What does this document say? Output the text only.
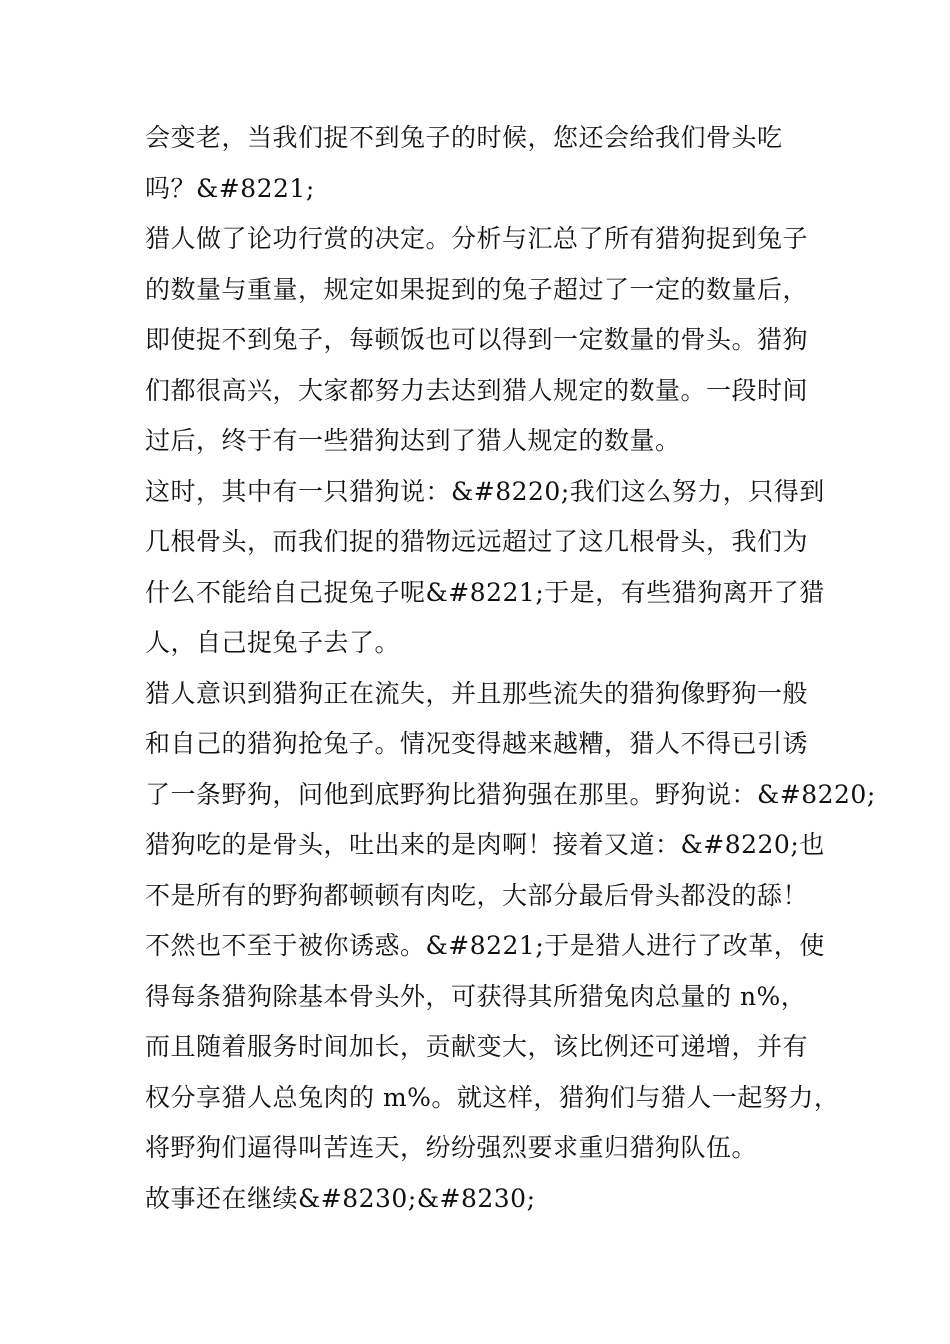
会变老，当我们捉不到兔子的时候，您还会给我们骨头吃
吗？&#8221;
猎人做了论功行赏的决定。分析与汇总了所有猎狗捉到兔子
的数量与重量，规定如果捉到的兔子超过了一定的数量后，
即使捉不到兔子，每顿饭也可以得到一定数量的骨头。猎狗
们都很高兴，大家都努力去达到猎人规定的数量。一段时间
过后，终于有一些猎狗达到了猎人规定的数量。
这时，其中有一只猎狗说：&#8220;我们这么努力，只得到
几根骨头，而我们捉的猎物远远超过了这几根骨头，我们为
什么不能给自己捉兔子呢&#8221;于是，有些猎狗离开了猎
人，自己捉兔子去了。
猎人意识到猎狗正在流失，并且那些流失的猎狗像野狗一般
和自己的猎狗抢兔子。情况变得越来越糟，猎人不得已引诱
了一条野狗，问他到底野狗比猎狗强在那里。野狗说：&#8220;
猎狗吃的是骨头，吐出来的是肉啊！接着又道：&#8220;也
不是所有的野狗都顿顿有肉吃，大部分最后骨头都没的舔！
不然也不至于被你诱惑。&#8221;于是猎人进行了改革，使
得每条猎狗除基本骨头外，可获得其所猎兔肉总量的 n%，
而且随着服务时间加长，贡献变大，该比例还可递增，并有
权分享猎人总兔肉的 m%。就这样，猎狗们与猎人一起努力，
将野狗们逼得叫苦连天，纷纷强烈要求重归猎狗队伍。
故事还在继续&#8230;&#8230;
